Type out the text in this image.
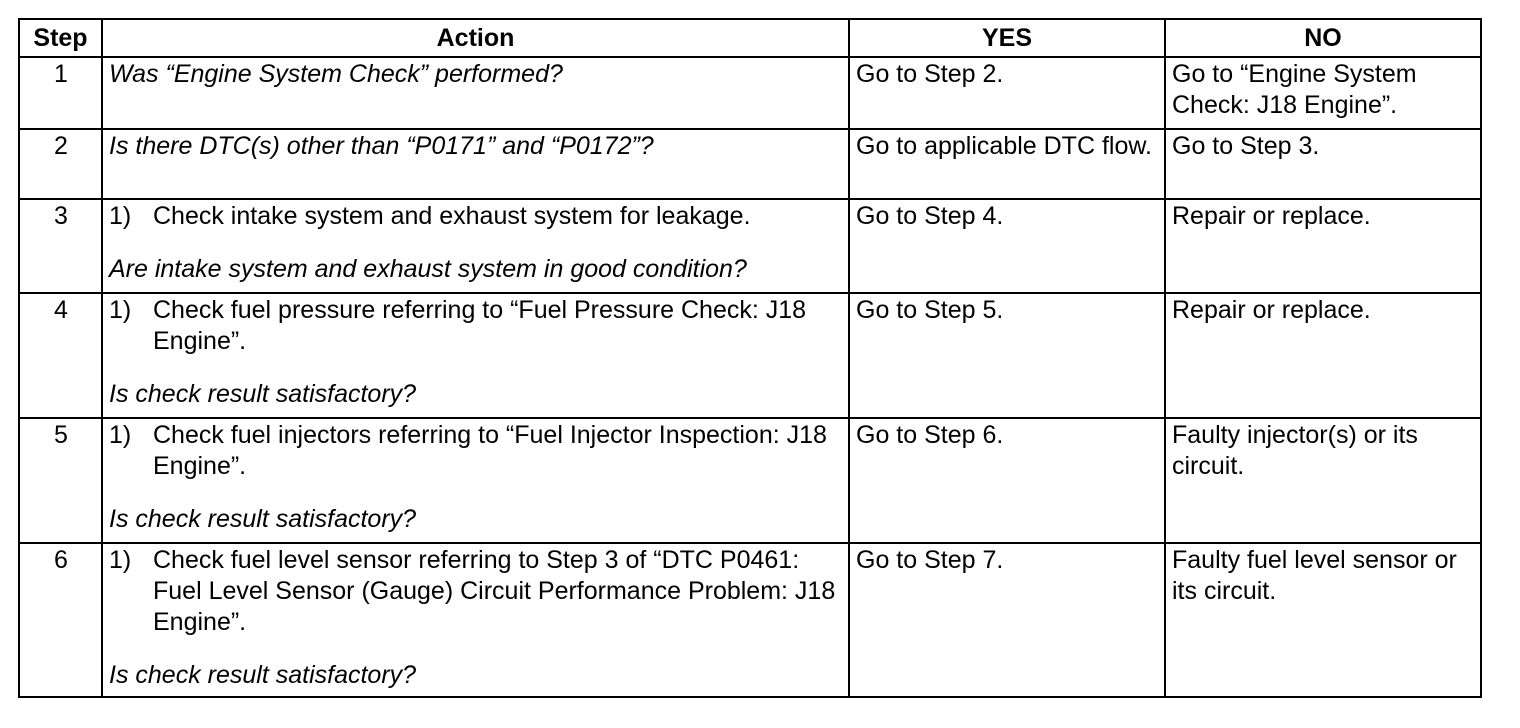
Step	Action	YES	NO
1	Was “Engine System Check” performed?	Go to Step 2.	Go to “Engine System Check: J18 Engine”.
2	Is there DTC(s) other than “P0171” and “P0172”?	Go to applicable DTC flow.	Go to Step 3.
3	1) Check intake system and exhaust system for leakage.

Are intake system and exhaust system in good condition?	Go to Step 4.	Repair or replace.
4	1) Check fuel pressure referring to “Fuel Pressure Check: J18 Engine”.

Is check result satisfactory?	Go to Step 5.	Repair or replace.
5	1) Check fuel injectors referring to “Fuel Injector Inspection: J18 Engine”.

Is check result satisfactory?	Go to Step 6.	Faulty injector(s) or its circuit.
6	1) Check fuel level sensor referring to Step 3 of “DTC P0461: Fuel Level Sensor (Gauge) Circuit Performance Problem: J18 Engine”.

Is check result satisfactory?	Go to Step 7.	Faulty fuel level sensor or its circuit.
